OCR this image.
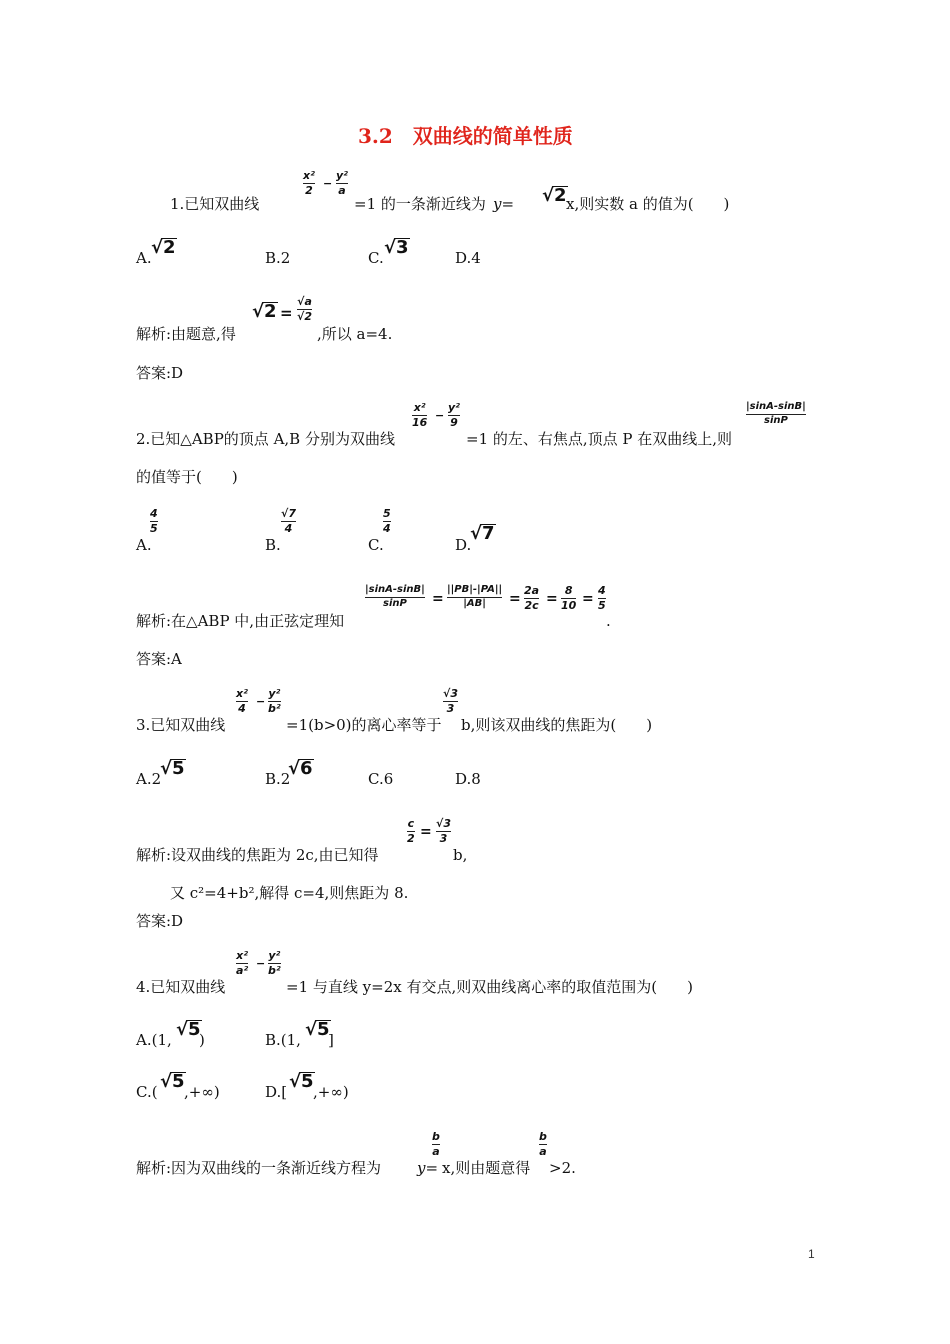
3.2　双曲线的简单性质
1.已知双曲线
x²
2
−
y²
a
=1 的一条渐近线为 y= √2 x,则实数 a 的值为(　　)
A. √2	B.2	C. √3	D.4
解析:由题意,得
√2 =
√a
√2
,所以 a=4.
答案:D
2.已知△ABP的顶点 A,B 分别为双曲线
x²
16
−
y²
9
=1 的左、右焦点,顶点 P 在双曲线上,则
|sinA-sinB|
sinP
的值等于(　　)
A.
4
5
B.
√7
4
C.
5
4
D.
√7
解析:在△ABP 中,由正弦定理知
|sinA-sinB|
sinP =
||PB|-|PA||
|AB| =
2a
2c =
8
10 =
4
5
.
答案:A
3.已知双曲线
x²
4
−
y²
b²
=1(b>0)的离心率等于
√3
3
b,则该双曲线的焦距为(　　)
A.2
√5	B.2
√6	C.6	D.8
解析:设双曲线的焦距为 2c,由已知得
c
2 =
√3
3
b,
又 c²=4+b²,解得 c=4,则焦距为 8.
答案:D
4.已知双曲线
x²
a²
−
y²
b²
=1 与直线 y=2x 有交点,则双曲线离心率的取值范围为(　　)
A.(1, √5
)	B.(1, √5
]
C.( √5 ,+∞)	D.[ √5 ,+∞)
解析:因为双曲线的一条渐近线方程为 y=
b
a
x,则由题意得
b
a
>2.
1
